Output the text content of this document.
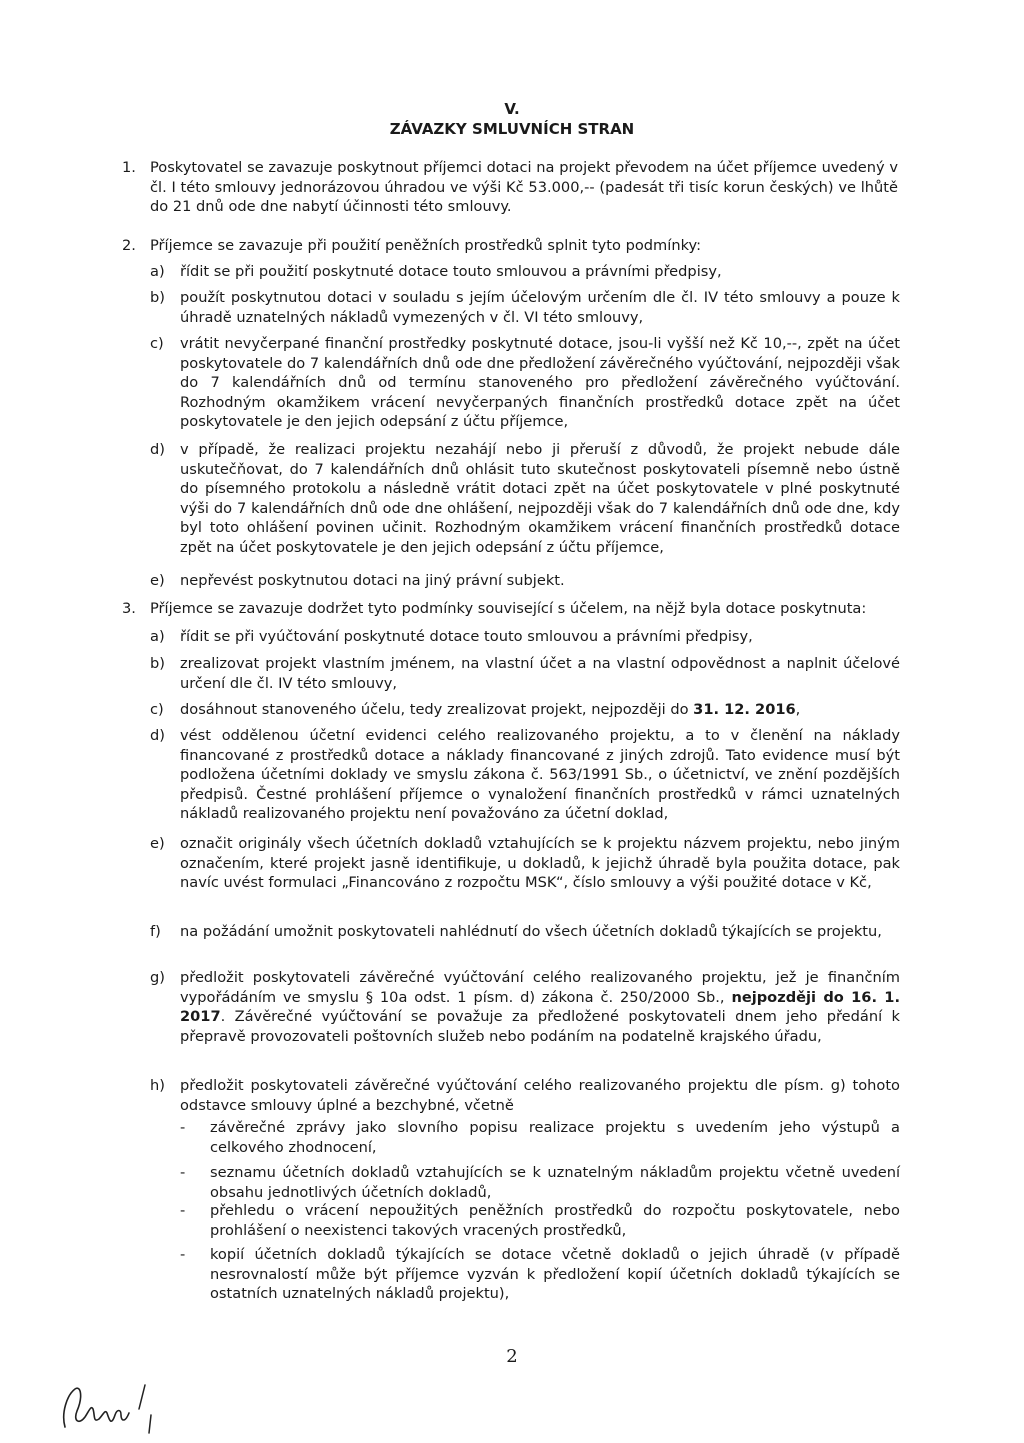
V.
ZÁVAZKY SMLUVNÍCH STRAN
1. Poskytovatel se zavazuje poskytnout příjemci dotaci na projekt převodem na účet příjemce uvedený v čl. I této smlouvy jednorázovou úhradou ve výši Kč 53.000,-- (padesát tři tisíc korun českých) ve lhůtě do 21 dnů ode dne nabytí účinnosti této smlouvy.
2. Příjemce se zavazuje při použití peněžních prostředků splnit tyto podmínky:
a) řídit se při použití poskytnuté dotace touto smlouvou a právními předpisy,
b) použít poskytnutou dotaci v souladu s jejím účelovým určením dle čl. IV této smlouvy a pouze k úhradě uznatelných nákladů vymezených v čl. VI této smlouvy,
c) vrátit nevyčerpané finanční prostředky poskytnuté dotace, jsou-li vyšší než Kč 10,--, zpět na účet poskytovatele do 7 kalendářních dnů ode dne předložení závěrečného vyúčtování, nejpozději však do 7 kalendářních dnů od termínu stanoveného pro předložení závěrečného vyúčtování. Rozhodným okamžikem vrácení nevyčerpaných finančních prostředků dotace zpět na účet poskytovatele je den jejich odepsání z účtu příjemce,
d) v případě, že realizaci projektu nezahájí nebo ji přeruší z důvodů, že projekt nebude dále uskutečňovat, do 7 kalendářních dnů ohlásit tuto skutečnost poskytovateli písemně nebo ústně do písemného protokolu a následně vrátit dotaci zpět na účet poskytovatele v plné poskytnuté výši do 7 kalendářních dnů ode dne ohlášení, nejpozději však do 7 kalendářních dnů ode dne, kdy byl toto ohlášení povinen učinit. Rozhodným okamžikem vrácení finančních prostředků dotace zpět na účet poskytovatele je den jejich odepsání z účtu příjemce,
e) nepřevést poskytnutou dotaci na jiný právní subjekt.
3. Příjemce se zavazuje dodržet tyto podmínky související s účelem, na nějž byla dotace poskytnuta:
a) řídit se při vyúčtování poskytnuté dotace touto smlouvou a právními předpisy,
b) zrealizovat projekt vlastním jménem, na vlastní účet a na vlastní odpovědnost a naplnit účelové určení dle čl. IV této smlouvy,
c) dosáhnout stanoveného účelu, tedy zrealizovat projekt, nejpozději do 31. 12. 2016,
d) vést oddělenou účetní evidenci celého realizovaného projektu, a to v členění na náklady financované z prostředků dotace a náklady financované z jiných zdrojů. Tato evidence musí být podložena účetními doklady ve smyslu zákona č. 563/1991 Sb., o účetnictví, ve znění pozdějších předpisů. Čestné prohlášení příjemce o vynaložení finančních prostředků v rámci uznatelných nákladů realizovaného projektu není považováno za účetní doklad,
e) označit originály všech účetních dokladů vztahujících se k projektu názvem projektu, nebo jiným označením, které projekt jasně identifikuje, u dokladů, k jejichž úhradě byla použita dotace, pak navíc uvést formulaci „Financováno z rozpočtu MSK“, číslo smlouvy a výši použité dotace v Kč,
f) na požádání umožnit poskytovateli nahlédnutí do všech účetních dokladů týkajících se projektu,
g) předložit poskytovateli závěrečné vyúčtování celého realizovaného projektu, jež je finančním vypořádáním ve smyslu § 10a odst. 1 písm. d) zákona č. 250/2000 Sb., nejpozději do 16. 1. 2017. Závěrečné vyúčtování se považuje za předložené poskytovateli dnem jeho předání k přepravě provozovateli poštovních služeb nebo podáním na podatelně krajského úřadu,
h) předložit poskytovateli závěrečné vyúčtování celého realizovaného projektu dle písm. g) tohoto odstavce smlouvy úplné a bezchybné, včetně
- závěrečné zprávy jako slovního popisu realizace projektu s uvedením jeho výstupů a celkového zhodnocení,
- seznamu účetních dokladů vztahujících se k uznatelným nákladům projektu včetně uvedení obsahu jednotlivých účetních dokladů,
- přehledu o vrácení nepoužitých peněžních prostředků do rozpočtu poskytovatele, nebo prohlášení o neexistenci takových vracených prostředků,
- kopií účetních dokladů týkajících se dotace včetně dokladů o jejich úhradě (v případě nesrovnalostí může být příjemce vyzván k předložení kopií účetních dokladů týkajících se ostatních uznatelných nákladů projektu),
2
